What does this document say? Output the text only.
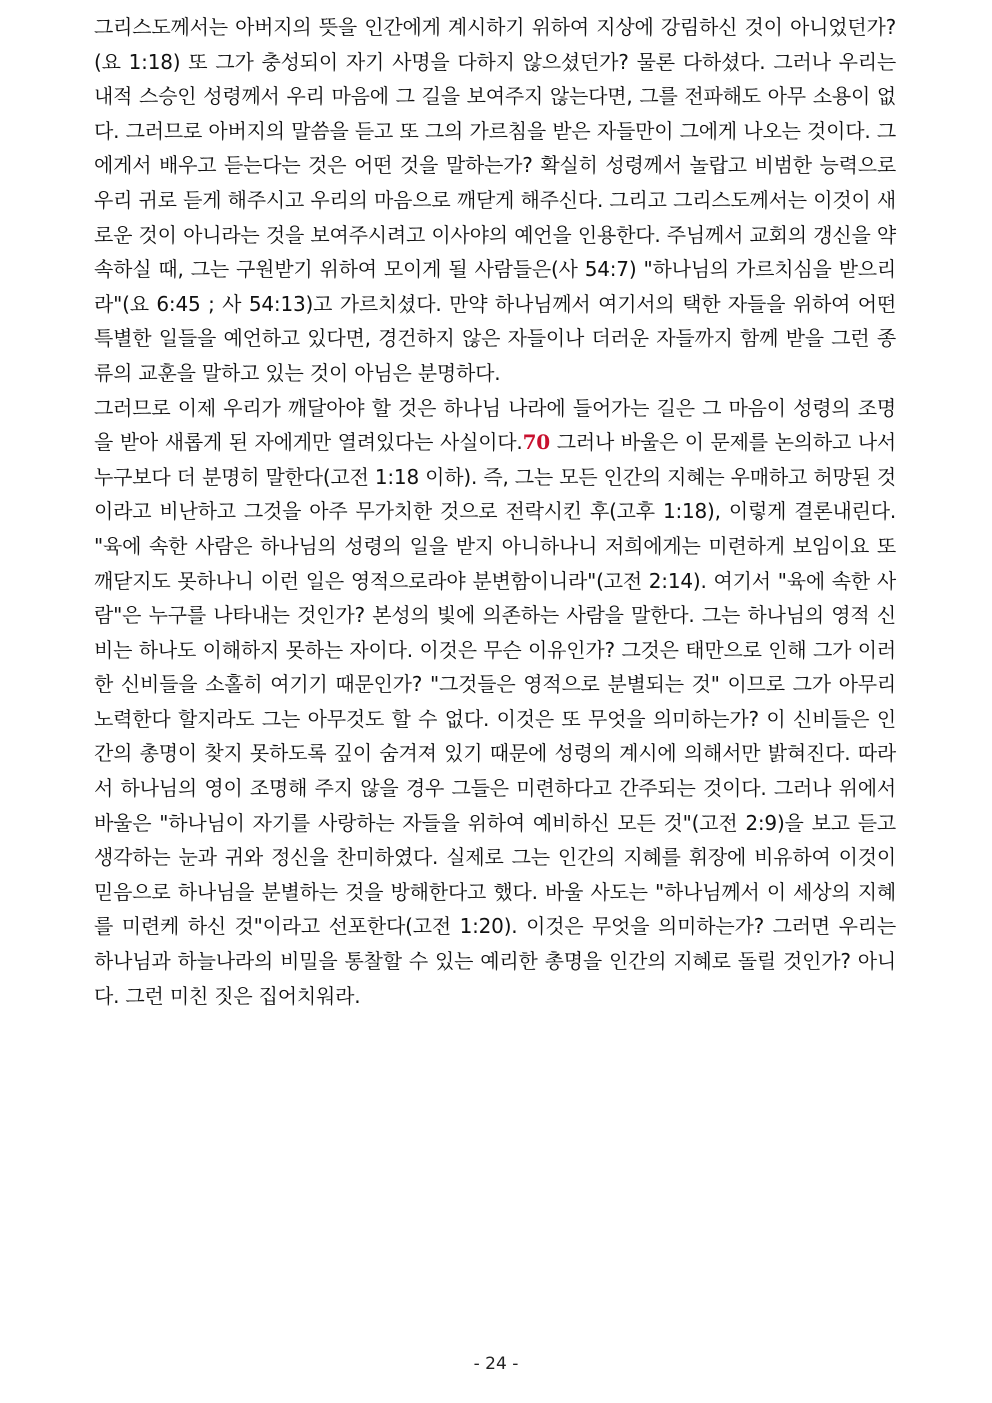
그리스도께서는 아버지의 뜻을 인간에게 계시하기 위하여 지상에 강림하신 것이 아니었던가?(요 1:18) 또 그가 충성되이 자기 사명을 다하지 않으셨던가? 물론 다하셨다. 그러나 우리는 내적 스승인 성령께서 우리 마음에 그 길을 보여주지 않는다면, 그를 전파해도 아무 소용이 없다. 그러므로 아버지의 말씀을 듣고 또 그의 가르침을 받은 자들만이 그에게 나오는 것이다. 그에게서 배우고 듣는다는 것은 어떤 것을 말하는가? 확실히 성령께서 놀랍고 비범한 능력으로 우리 귀로 듣게 해주시고 우리의 마음으로 깨닫게 해주신다. 그리고 그리스도께서는 이것이 새로운 것이 아니라는 것을 보여주시려고 이사야의 예언을 인용한다. 주님께서 교회의 갱신을 약속하실 때, 그는 구원받기 위하여 모이게 될 사람들은(사 54:7) "하나님의 가르치심을 받으리라"(요 6:45 ; 사 54:13)고 가르치셨다. 만약 하나님께서 여기서의 택한 자들을 위하여 어떤 특별한 일들을 예언하고 있다면, 경건하지 않은 자들이나 더러운 자들까지 함께 받을 그런 종류의 교훈을 말하고 있는 것이 아님은 분명하다.

그러므로 이제 우리가 깨달아야 할 것은 하나님 나라에 들어가는 길은 그 마음이 성령의 조명을 받아 새롭게 된 자에게만 열려있다는 사실이다.70 그러나 바울은 이 문제를 논의하고 나서 누구보다 더 분명히 말한다(고전 1:18 이하). 즉, 그는 모든 인간의 지혜는 우매하고 허망된 것이라고 비난하고 그것을 아주 무가치한 것으로 전락시킨 후(고후 1:18), 이렇게 결론내린다. "육에 속한 사람은 하나님의 성령의 일을 받지 아니하나니 저희에게는 미련하게 보임이요 또 깨닫지도 못하나니 이런 일은 영적으로라야 분변함이니라"(고전 2:14). 여기서 "육에 속한 사람"은 누구를 나타내는 것인가? 본성의 빛에 의존하는 사람을 말한다. 그는 하나님의 영적 신비는 하나도 이해하지 못하는 자이다. 이것은 무슨 이유인가? 그것은 태만으로 인해 그가 이러한 신비들을 소홀히 여기기 때문인가? "그것들은 영적으로 분별되는 것" 이므로 그가 아무리 노력한다 할지라도 그는 아무것도 할 수 없다. 이것은 또 무엇을 의미하는가? 이 신비들은 인간의 총명이 찾지 못하도록 깊이 숨겨져 있기 때문에 성령의 계시에 의해서만 밝혀진다. 따라서 하나님의 영이 조명해 주지 않을 경우 그들은 미련하다고 간주되는 것이다. 그러나 위에서 바울은 "하나님이 자기를 사랑하는 자들을 위하여 예비하신 모든 것"(고전 2:9)을 보고 듣고 생각하는 눈과 귀와 정신을 찬미하였다. 실제로 그는 인간의 지혜를 휘장에 비유하여 이것이 믿음으로 하나님을 분별하는 것을 방해한다고 했다. 바울 사도는 "하나님께서 이 세상의 지혜를 미련케 하신 것"이라고 선포한다(고전 1:20). 이것은 무엇을 의미하는가? 그러면 우리는 하나님과 하늘나라의 비밀을 통찰할 수 있는 예리한 총명을 인간의 지혜로 돌릴 것인가? 아니다. 그런 미친 짓은 집어치워라.

- 24 -
